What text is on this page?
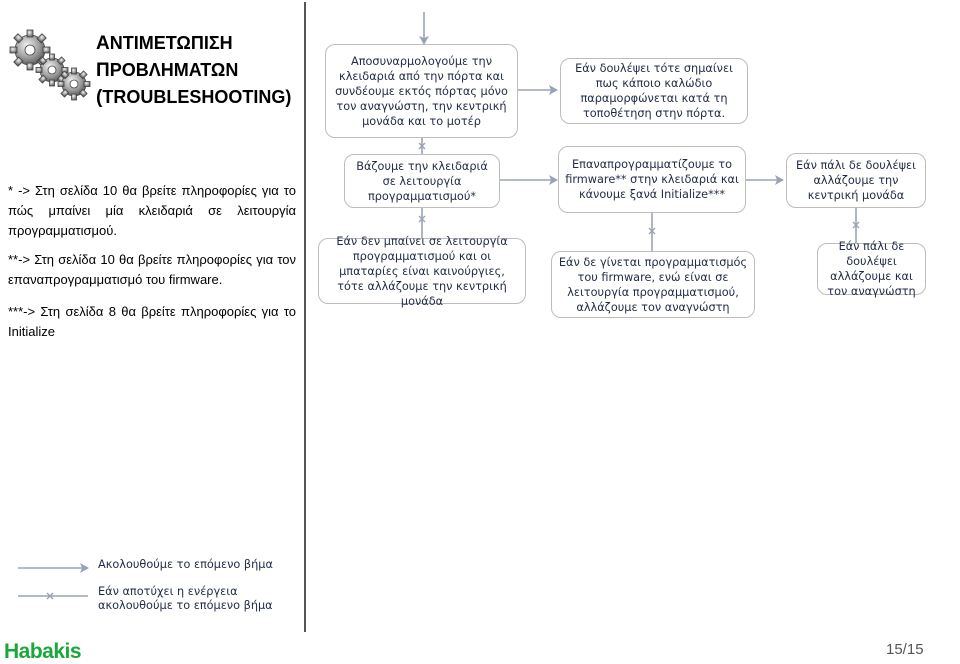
ΑΝΤΙΜΕΤΩΠΙΣΗ
ΠΡΟΒΛΗΜΑΤΩΝ
(TROUBLESHOOTING)
* -> Στη σελίδα 10 θα βρείτε πληροφορίες για το πώς μπαίνει μία κλειδαριά σε λειτουργία προγραμματισμού.
**-> Στη σελίδα 10 θα βρείτε πληροφορίες για τον επαναπρογραμματισμό του firmware.
***-> Στη σελίδα 8 θα βρείτε πληροφορίες για το Initialize
Αποσυναρμολογούμε την κλειδαριά από την πόρτα και συνδέουμε εκτός πόρτας μόνο τον αναγνώστη, την κεντρική μονάδα και το μοτέρ
Εάν δουλέψει τότε σημαίνει πως κάποιο καλώδιο παραμορφώνεται κατά τη τοποθέτηση στην πόρτα.
Βάζουμε την κλειδαριά σε λειτουργία προγραμματισμού*
Επαναπρογραμματίζουμε το firmware** στην κλειδαριά και κάνουμε ξανά Initialize***
Εάν πάλι δε δουλέψει αλλάζουμε την κεντρική μονάδα
Εάν δεν μπαίνει σε λειτουργία προγραμματισμού και οι μπαταρίες είναι καινούργιες, τότε αλλάζουμε την κεντρική μονάδα
Εάν δε γίνεται προγραμματισμός του firmware, ενώ είναι σε λειτουργία προγραμματισμού, αλλάζουμε τον αναγνώστη
Εάν πάλι δε δουλέψει αλλάζουμε και τον αναγνώστη
Ακολουθούμε το επόμενο βήμα
Εάν αποτύχει η ενέργεια
ακολουθούμε το επόμενο βήμα
Habakis	15/15
